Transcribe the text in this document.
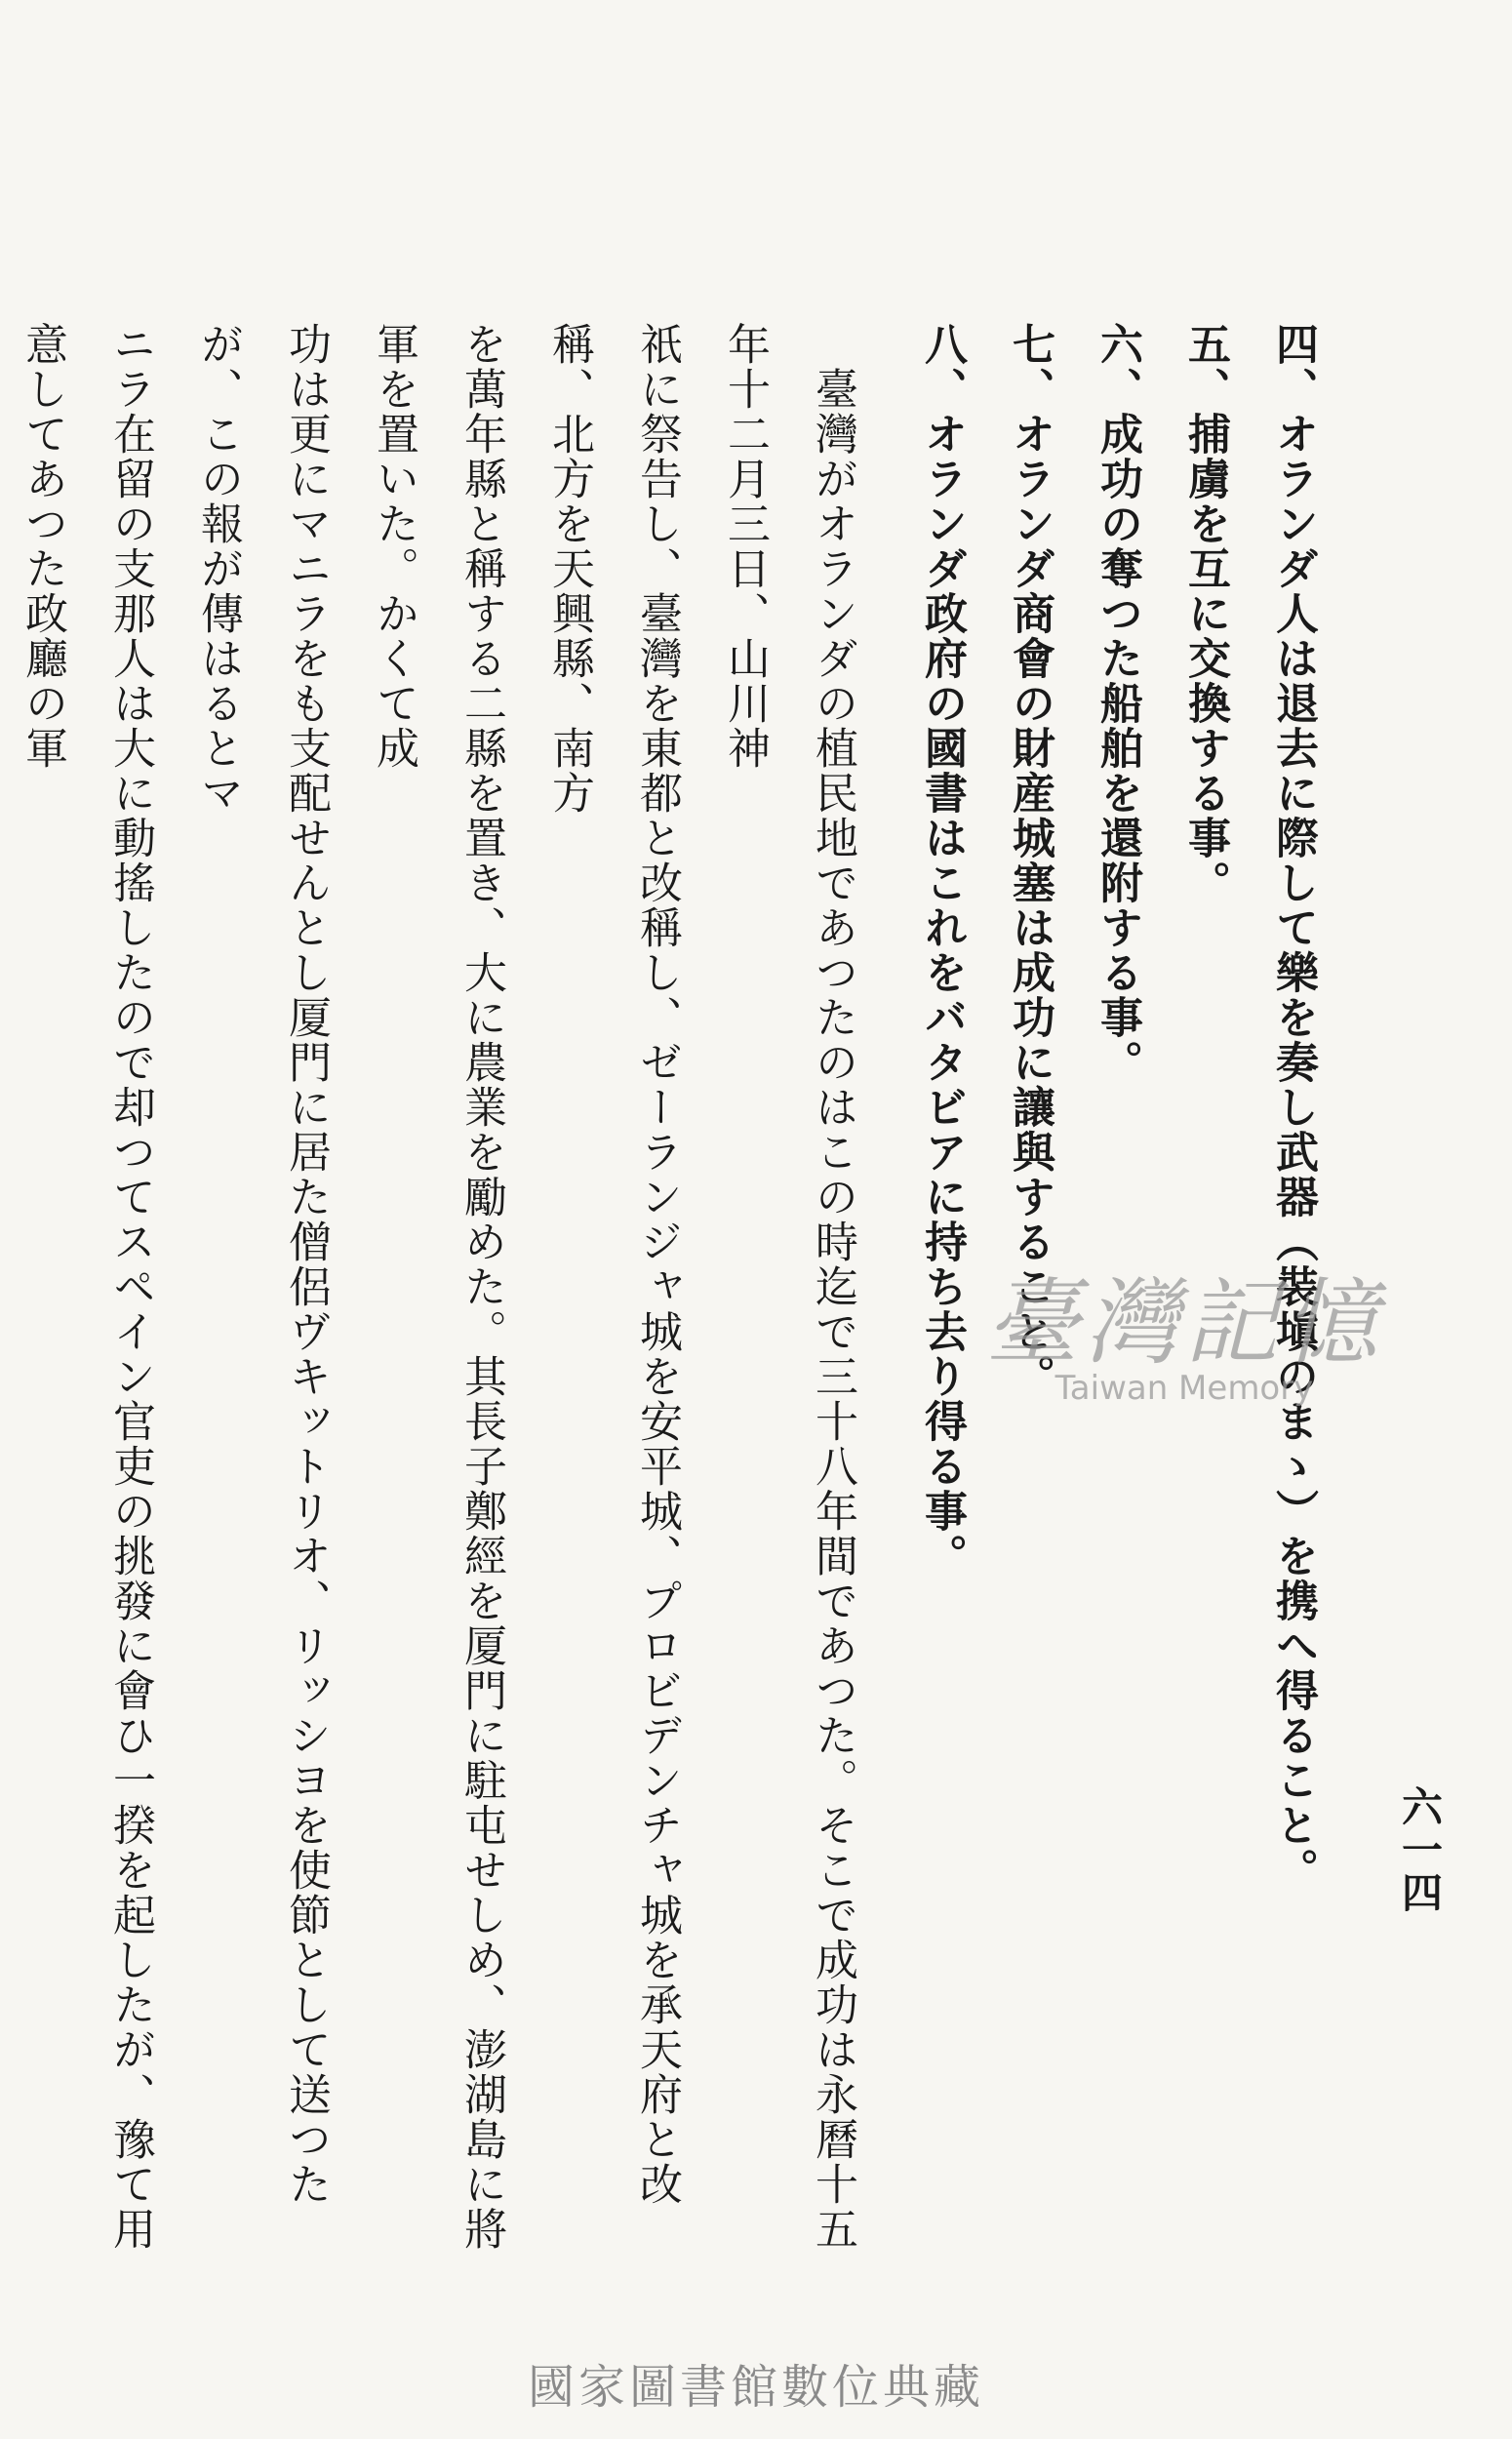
六一四
四、オランダ人は退去に際して樂を奏し武器（裝塡のまゝ）を携へ得ること。
五、捕虜を互に交換する事。
六、成功の奪つた船舶を還附する事。
七、オランダ商會の財産城塞は成功に讓與すること。
八、オランダ政府の國書はこれをバタビアに持ち去り得る事。
　臺灣がオランダの植民地であつたのはこの時迄で三十八年間であつた。そこで成功は永曆十五年十二月三日、山川神
祇に祭告し、臺灣を東都と改稱し、ゼーランジャ城を安平城、プロビデンチャ城を承天府と改稱、北方を天興縣、南方
を萬年縣と稱する二縣を置き、大に農業を勵めた。其長子鄭經を厦門に駐屯せしめ、澎湖島に將軍を置いた。かくて成
功は更にマニラをも支配せんとし厦門に居た僧侶ヴキットリオ、リッシヨを使節として送つたが、この報が傳はるとマ
ニラ在留の支那人は大に動搖したので却つてスペイン官吏の挑發に會ひ一揆を起したが、豫て用意してあつた政廳の軍
臺灣記憶
Taiwan Memory
國家圖書館數位典藏
